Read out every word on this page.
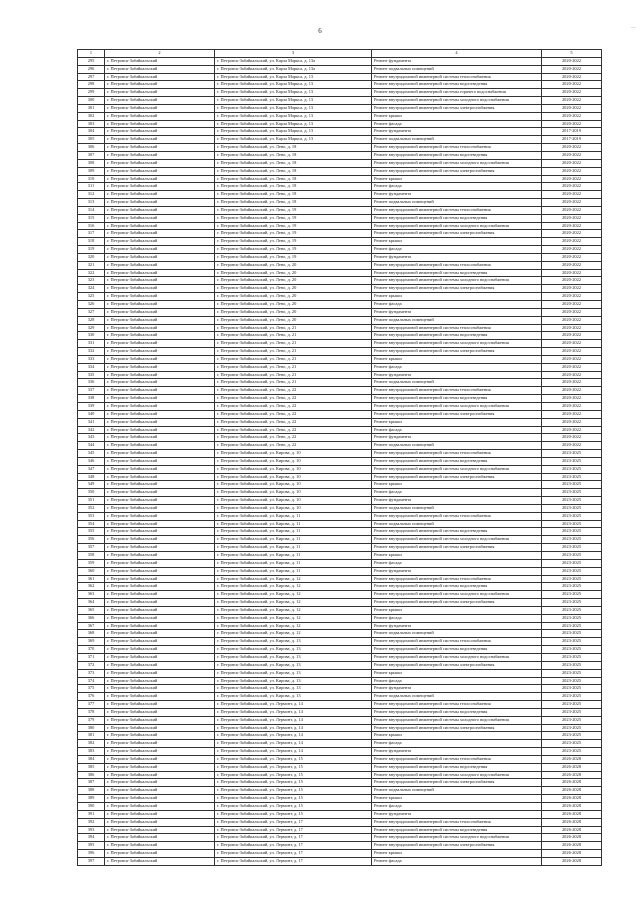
6	—
1	2	3	4	5
295	г. Петровск-Забайкальский	г. Петровск-Забайкальский, ул. Карла Маркса, д. 13а	Ремонт фундамента	2020-2022
296	г. Петровск-Забайкальский	г. Петровск-Забайкальский, ул. Карла Маркса, д. 13а	Ремонт подвальных помещений	2020-2022
297	г. Петровск-Забайкальский	г. Петровск-Забайкальский, ул. Карла Маркса, д. 13	Ремонт внутридомовой инженерной системы теплоснабжения	2020-2022
298	г. Петровск-Забайкальский	г. Петровск-Забайкальский, ул. Карла Маркса, д. 13	Ремонт внутридомовой инженерной системы водоотведения	2020-2022
299	г. Петровск-Забайкальский	г. Петровск-Забайкальский, ул. Карла Маркса, д. 13	Ремонт внутридомовой инженерной системы горячего водоснабжения	2020-2022
300	г. Петровск-Забайкальский	г. Петровск-Забайкальский, ул. Карла Маркса, д. 13	Ремонт внутридомовой инженерной системы холодного водоснабжения	2020-2022
301	г. Петровск-Забайкальский	г. Петровск-Забайкальский, ул. Карла Маркса, д. 13	Ремонт внутридомовой инженерной системы электроснабжения	2020-2022
302	г. Петровск-Забайкальский	г. Петровск-Забайкальский, ул. Карла Маркса, д. 13	Ремонт крыши	2020-2022
303	г. Петровск-Забайкальский	г. Петровск-Забайкальский, ул. Карла Маркса, д. 13	Ремонт фасада	2020-2022
304	г. Петровск-Забайкальский	г. Петровск-Забайкальский, ул. Карла Маркса, д. 13	Ремонт фундамента	2017-2019
305	г. Петровск-Забайкальский	г. Петровск-Забайкальский, ул. Карла Маркса, д. 13	Ремонт подвальных помещений	2017-2019
306	г. Петровск-Забайкальский	г. Петровск-Забайкальский, ул. Лено, д. 18	Ремонт внутридомовой инженерной системы теплоснабжения	2020-2022
307	г. Петровск-Забайкальский	г. Петровск-Забайкальский, ул. Лено, д. 18	Ремонт внутридомовой инженерной системы водоотведения	2020-2022
308	г. Петровск-Забайкальский	г. Петровск-Забайкальский, ул. Лено, д. 18	Ремонт внутридомовой инженерной системы холодного водоснабжения	2020-2022
309	г. Петровск-Забайкальский	г. Петровск-Забайкальский, ул. Лено, д. 18	Ремонт внутридомовой инженерной системы электроснабжения	2020-2022
310	г. Петровск-Забайкальский	г. Петровск-Забайкальский, ул. Лено, д. 18	Ремонт крыши	2020-2022
311	г. Петровск-Забайкальский	г. Петровск-Забайкальский, ул. Лено, д. 18	Ремонт фасада	2020-2022
312	г. Петровск-Забайкальский	г. Петровск-Забайкальский, ул. Лено, д. 18	Ремонт фундамента	2020-2022
313	г. Петровск-Забайкальский	г. Петровск-Забайкальский, ул. Лено, д. 18	Ремонт подвальных помещений	2020-2022
314	г. Петровск-Забайкальский	г. Петровск-Забайкальский, ул. Лено, д. 19	Ремонт внутридомовой инженерной системы теплоснабжения	2020-2022
315	г. Петровск-Забайкальский	г. Петровск-Забайкальский, ул. Лено, д. 19	Ремонт внутридомовой инженерной системы водоотведения	2020-2022
316	г. Петровск-Забайкальский	г. Петровск-Забайкальский, ул. Лено, д. 19	Ремонт внутридомовой инженерной системы холодного водоснабжения	2020-2022
317	г. Петровск-Забайкальский	г. Петровск-Забайкальский, ул. Лено, д. 19	Ремонт внутридомовой инженерной системы электроснабжения	2020-2022
318	г. Петровск-Забайкальский	г. Петровск-Забайкальский, ул. Лено, д. 19	Ремонт крыши	2020-2022
319	г. Петровск-Забайкальский	г. Петровск-Забайкальский, ул. Лено, д. 19	Ремонт фасада	2020-2022
320	г. Петровск-Забайкальский	г. Петровск-Забайкальский, ул. Лено, д. 19	Ремонт фундамента	2020-2022
321	г. Петровск-Забайкальский	г. Петровск-Забайкальский, ул. Лено, д. 20	Ремонт внутридомовой инженерной системы теплоснабжения	2020-2022
322	г. Петровск-Забайкальский	г. Петровск-Забайкальский, ул. Лено, д. 20	Ремонт внутридомовой инженерной системы водоотведения	2020-2022
323	г. Петровск-Забайкальский	г. Петровск-Забайкальский, ул. Лено, д. 20	Ремонт внутридомовой инженерной системы холодного водоснабжения	2020-2022
324	г. Петровск-Забайкальский	г. Петровск-Забайкальский, ул. Лено, д. 20	Ремонт внутридомовой инженерной системы электроснабжения	2020-2022
325	г. Петровск-Забайкальский	г. Петровск-Забайкальский, ул. Лено, д. 20	Ремонт крыши	2020-2022
326	г. Петровск-Забайкальский	г. Петровск-Забайкальский, ул. Лено, д. 20	Ремонт фасада	2020-2022
327	г. Петровск-Забайкальский	г. Петровск-Забайкальский, ул. Лено, д. 20	Ремонт фундамента	2020-2022
328	г. Петровск-Забайкальский	г. Петровск-Забайкальский, ул. Лено, д. 20	Ремонт подвальных помещений	2020-2022
329	г. Петровск-Забайкальский	г. Петровск-Забайкальский, ул. Лено, д. 21	Ремонт внутридомовой инженерной системы теплоснабжения	2020-2022
330	г. Петровск-Забайкальский	г. Петровск-Забайкальский, ул. Лено, д. 21	Ремонт внутридомовой инженерной системы водоотведения	2020-2022
331	г. Петровск-Забайкальский	г. Петровск-Забайкальский, ул. Лено, д. 21	Ремонт внутридомовой инженерной системы холодного водоснабжения	2020-2022
332	г. Петровск-Забайкальский	г. Петровск-Забайкальский, ул. Лено, д. 21	Ремонт внутридомовой инженерной системы электроснабжения	2020-2022
333	г. Петровск-Забайкальский	г. Петровск-Забайкальский, ул. Лено, д. 21	Ремонт крыши	2020-2022
334	г. Петровск-Забайкальский	г. Петровск-Забайкальский, ул. Лено, д. 21	Ремонт фасада	2020-2022
335	г. Петровск-Забайкальский	г. Петровск-Забайкальский, ул. Лено, д. 21	Ремонт фундамента	2020-2022
336	г. Петровск-Забайкальский	г. Петровск-Забайкальский, ул. Лено, д. 21	Ремонт подвальных помещений	2020-2022
337	г. Петровск-Забайкальский	г. Петровск-Забайкальский, ул. Лено, д. 22	Ремонт внутридомовой инженерной системы теплоснабжения	2020-2022
338	г. Петровск-Забайкальский	г. Петровск-Забайкальский, ул. Лено, д. 22	Ремонт внутридомовой инженерной системы водоотведения	2020-2022
339	г. Петровск-Забайкальский	г. Петровск-Забайкальский, ул. Лено, д. 22	Ремонт внутридомовой инженерной системы холодного водоснабжения	2020-2022
340	г. Петровск-Забайкальский	г. Петровск-Забайкальский, ул. Лено, д. 22	Ремонт внутридомовой инженерной системы электроснабжения	2020-2022
341	г. Петровск-Забайкальский	г. Петровск-Забайкальский, ул. Лено, д. 22	Ремонт крыши	2020-2022
342	г. Петровск-Забайкальский	г. Петровск-Забайкальский, ул. Лено, д. 22	Ремонт фасада	2020-2022
343	г. Петровск-Забайкальский	г. Петровск-Забайкальский, ул. Лено, д. 22	Ремонт фундамента	2020-2022
344	г. Петровск-Забайкальский	г. Петровск-Забайкальский, ул. Лено, д. 22	Ремонт подвальных помещений	2020-2022
345	г. Петровск-Забайкальский	г. Петровск-Забайкальский, ул. Кирова, д. 10	Ремонт внутридомовой инженерной системы теплоснабжения	2023-2025
346	г. Петровск-Забайкальский	г. Петровск-Забайкальский, ул. Кирова, д. 10	Ремонт внутридомовой инженерной системы водоотведения	2023-2025
347	г. Петровск-Забайкальский	г. Петровск-Забайкальский, ул. Кирова, д. 10	Ремонт внутридомовой инженерной системы холодного водоснабжения	2023-2025
348	г. Петровск-Забайкальский	г. Петровск-Забайкальский, ул. Кирова, д. 10	Ремонт внутридомовой инженерной системы электроснабжения	2023-2025
349	г. Петровск-Забайкальский	г. Петровск-Забайкальский, ул. Кирова, д. 10	Ремонт крыши	2023-2025
350	г. Петровск-Забайкальский	г. Петровск-Забайкальский, ул. Кирова, д. 10	Ремонт фасада	2023-2025
351	г. Петровск-Забайкальский	г. Петровск-Забайкальский, ул. Кирова, д. 10	Ремонт фундамента	2023-2025
352	г. Петровск-Забайкальский	г. Петровск-Забайкальский, ул. Кирова, д. 10	Ремонт подвальных помещений	2023-2025
353	г. Петровск-Забайкальский	г. Петровск-Забайкальский, ул. Кирова, д. 11	Ремонт внутридомовой инженерной системы теплоснабжения	2023-2025
354	г. Петровск-Забайкальский	г. Петровск-Забайкальский, ул. Кирова, д. 11	Ремонт подвальных помещений	2023-2025
355	г. Петровск-Забайкальский	г. Петровск-Забайкальский, ул. Кирова, д. 11	Ремонт внутридомовой инженерной системы водоотведения	2023-2025
356	г. Петровск-Забайкальский	г. Петровск-Забайкальский, ул. Кирова, д. 11	Ремонт внутридомовой инженерной системы холодного водоснабжения	2023-2025
357	г. Петровск-Забайкальский	г. Петровск-Забайкальский, ул. Кирова, д. 11	Ремонт внутридомовой инженерной системы электроснабжения	2023-2025
358	г. Петровск-Забайкальский	г. Петровск-Забайкальский, ул. Кирова, д. 11	Ремонт крыши	2023-2025
359	г. Петровск-Забайкальский	г. Петровск-Забайкальский, ул. Кирова, д. 11	Ремонт фасада	2023-2025
360	г. Петровск-Забайкальский	г. Петровск-Забайкальский, ул. Кирова, д. 11	Ремонт фундамента	2023-2025
361	г. Петровск-Забайкальский	г. Петровск-Забайкальский, ул. Кирова, д. 12	Ремонт внутридомовой инженерной системы теплоснабжения	2023-2025
362	г. Петровск-Забайкальский	г. Петровск-Забайкальский, ул. Кирова, д. 12	Ремонт внутридомовой инженерной системы водоотведения	2023-2025
363	г. Петровск-Забайкальский	г. Петровск-Забайкальский, ул. Кирова, д. 12	Ремонт внутридомовой инженерной системы холодного водоснабжения	2023-2025
364	г. Петровск-Забайкальский	г. Петровск-Забайкальский, ул. Кирова, д. 12	Ремонт внутридомовой инженерной системы электроснабжения	2023-2025
365	г. Петровск-Забайкальский	г. Петровск-Забайкальский, ул. Кирова, д. 12	Ремонт крыши	2023-2025
366	г. Петровск-Забайкальский	г. Петровск-Забайкальский, ул. Кирова, д. 12	Ремонт фасада	2023-2025
367	г. Петровск-Забайкальский	г. Петровск-Забайкальский, ул. Кирова, д. 12	Ремонт фундамента	2023-2025
368	г. Петровск-Забайкальский	г. Петровск-Забайкальский, ул. Кирова, д. 12	Ремонт подвальных помещений	2023-2025
369	г. Петровск-Забайкальский	г. Петровск-Забайкальский, ул. Кирова, д. 13	Ремонт внутридомовой инженерной системы теплоснабжения	2023-2025
370	г. Петровск-Забайкальский	г. Петровск-Забайкальский, ул. Кирова, д. 13	Ремонт внутридомовой инженерной системы водоотведения	2023-2025
371	г. Петровск-Забайкальский	г. Петровск-Забайкальский, ул. Кирова, д. 13	Ремонт внутридомовой инженерной системы холодного водоснабжения	2023-2025
372	г. Петровск-Забайкальский	г. Петровск-Забайкальский, ул. Кирова, д. 13	Ремонт внутридомовой инженерной системы электроснабжения	2023-2025
373	г. Петровск-Забайкальский	г. Петровск-Забайкальский, ул. Кирова, д. 13	Ремонт крыши	2023-2025
374	г. Петровск-Забайкальский	г. Петровск-Забайкальский, ул. Кирова, д. 13	Ремонт фасада	2023-2025
375	г. Петровск-Забайкальский	г. Петровск-Забайкальский, ул. Кирова, д. 13	Ремонт фундамента	2023-2025
376	г. Петровск-Забайкальский	г. Петровск-Забайкальский, ул. Кирова, д. 13	Ремонт подвальных помещений	2023-2025
377	г. Петровск-Забайкальский	г. Петровск-Забайкальский, ул. Лермонт, д. 14	Ремонт внутридомовой инженерной системы теплоснабжения	2023-2025
378	г. Петровск-Забайкальский	г. Петровск-Забайкальский, ул. Лермонт, д. 14	Ремонт внутридомовой инженерной системы водоотведения	2023-2025
379	г. Петровск-Забайкальский	г. Петровск-Забайкальский, ул. Лермонт, д. 14	Ремонт внутридомовой инженерной системы холодного водоснабжения	2023-2025
380	г. Петровск-Забайкальский	г. Петровск-Забайкальский, ул. Лермонт, д. 14	Ремонт внутридомовой инженерной системы электроснабжения	2023-2025
381	г. Петровск-Забайкальский	г. Петровск-Забайкальский, ул. Лермонт, д. 14	Ремонт крыши	2023-2025
382	г. Петровск-Забайкальский	г. Петровск-Забайкальский, ул. Лермонт, д. 14	Ремонт фасада	2023-2025
383	г. Петровск-Забайкальский	г. Петровск-Забайкальский, ул. Лермонт, д. 14	Ремонт фундамента	2023-2025
384	г. Петровск-Забайкальский	г. Петровск-Забайкальский, ул. Лермонт, д. 15	Ремонт внутридомовой инженерной системы теплоснабжения	2026-2028
385	г. Петровск-Забайкальский	г. Петровск-Забайкальский, ул. Лермонт, д. 15	Ремонт внутридомовой инженерной системы водоотведения	2026-2028
386	г. Петровск-Забайкальский	г. Петровск-Забайкальский, ул. Лермонт, д. 15	Ремонт внутридомовой инженерной системы холодного водоснабжения	2026-2028
387	г. Петровск-Забайкальский	г. Петровск-Забайкальский, ул. Лермонт, д. 15	Ремонт внутридомовой инженерной системы электроснабжения	2026-2028
388	г. Петровск-Забайкальский	г. Петровск-Забайкальский, ул. Лермонт, д. 15	Ремонт подвальных помещений	2026-2028
389	г. Петровск-Забайкальский	г. Петровск-Забайкальский, ул. Лермонт, д. 15	Ремонт крыши	2026-2028
390	г. Петровск-Забайкальский	г. Петровск-Забайкальский, ул. Лермонт, д. 15	Ремонт фасада	2026-2028
391	г. Петровск-Забайкальский	г. Петровск-Забайкальский, ул. Лермонт, д. 15	Ремонт фундамента	2026-2028
392	г. Петровск-Забайкальский	г. Петровск-Забайкальский, ул. Лермонт, д. 17	Ремонт внутридомовой инженерной системы теплоснабжения	2026-2028
393	г. Петровск-Забайкальский	г. Петровск-Забайкальский, ул. Лермонт, д. 17	Ремонт внутридомовой инженерной системы водоотведения	2026-2028
394	г. Петровск-Забайкальский	г. Петровск-Забайкальский, ул. Лермонт, д. 17	Ремонт внутридомовой инженерной системы холодного водоснабжения	2026-2028
395	г. Петровск-Забайкальский	г. Петровск-Забайкальский, ул. Лермонт, д. 17	Ремонт внутридомовой инженерной системы электроснабжения	2026-2028
396	г. Петровск-Забайкальский	г. Петровск-Забайкальский, ул. Лермонт, д. 17	Ремонт крыши	2026-2028
397	г. Петровск-Забайкальский	г. Петровск-Забайкальский, ул. Лермонт, д. 17	Ремонт фасада	2026-2028
